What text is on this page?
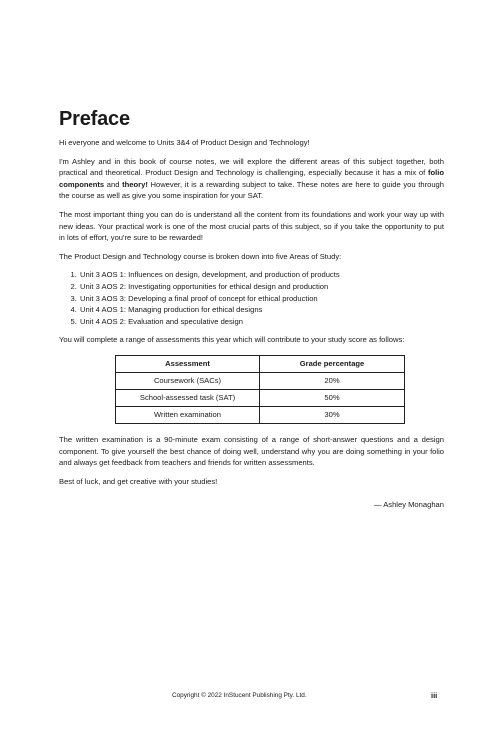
Preface

Hi everyone and welcome to Units 3&4 of Product Design and Technology!

I'm Ashley and in this book of course notes, we will explore the different areas of this subject together, both practical and theoretical. Product Design and Technology is challenging, especially because it has a mix of folio components and theory! However, it is a rewarding subject to take. These notes are here to guide you through the course as well as give you some inspiration for your SAT.

The most important thing you can do is understand all the content from its foundations and work your way up with new ideas. Your practical work is one of the most crucial parts of this subject, so if you take the opportunity to put in lots of effort, you're sure to be rewarded!

The Product Design and Technology course is broken down into five Areas of Study:

1. Unit 3 AOS 1: Influences on design, development, and production of products
2. Unit 3 AOS 2: Investigating opportunities for ethical design and production
3. Unit 3 AOS 3: Developing a final proof of concept for ethical production
4. Unit 4 AOS 1: Managing production for ethical designs
5. Unit 4 AOS 2: Evaluation and speculative design

You will complete a range of assessments this year which will contribute to your study score as follows:

Assessment	Grade percentage
Coursework (SACs)	20%
School-assessed task (SAT)	50%
Written examination	30%

The written examination is a 90-minute exam consisting of a range of short-answer questions and a design component. To give yourself the best chance of doing well, understand why you are doing something in your folio and always get feedback from teachers and friends for written assessments.

Best of luck, and get creative with your studies!

— Ashley Monaghan

Copyright © 2022 InStucent Publishing Pty. Ltd.	iii
